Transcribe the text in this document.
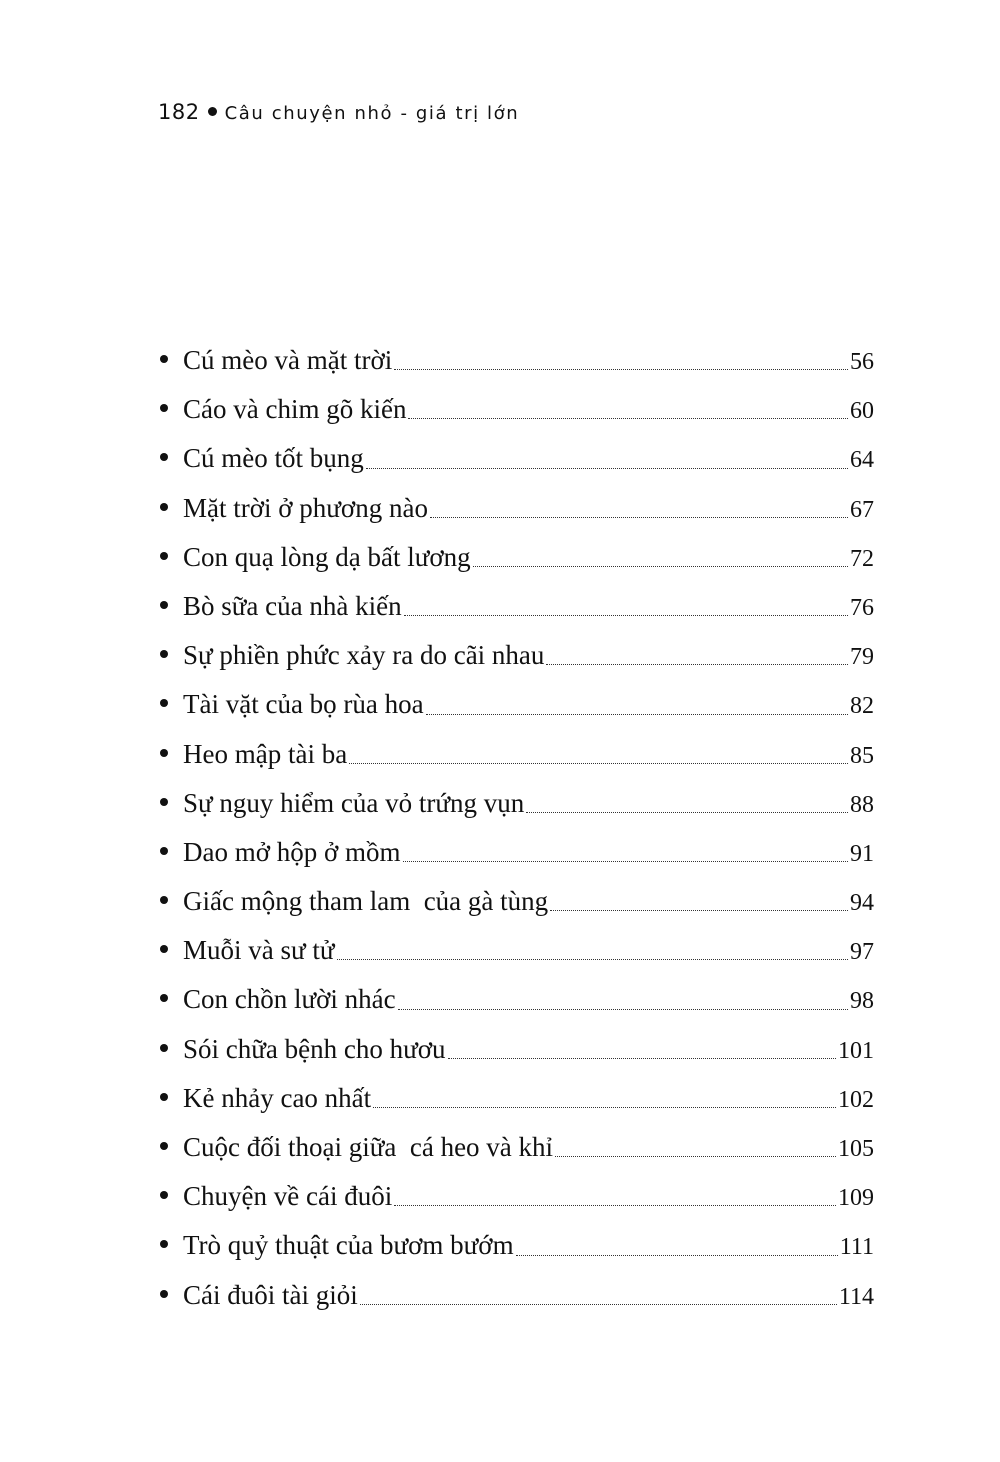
182 Câu chuyện nhỏ - giá trị lớn
Cú mèo và mặt trời	56
Cáo và chim gõ kiến	60
Cú mèo tốt bụng	64
Mặt trời ở phương nào	67
Con quạ lòng dạ bất lương	72
Bò sữa của nhà kiến	76
Sự phiền phức xảy ra do cãi nhau	79
Tài vặt của bọ rùa hoa	82
Heo mập tài ba	85
Sự nguy hiểm của vỏ trứng vụn	88
Dao mở hộp ở mồm	91
Giấc mộng tham lam  của gà tùng	94
Muỗi và sư tử	97
Con chồn lười nhác	98
Sói chữa bệnh cho hươu	101
Kẻ nhảy cao nhất	102
Cuộc đối thoại giữa  cá heo và khỉ	105
Chuyện về cái đuôi	109
Trò quỷ thuật của bươm bướm	111
Cái đuôi tài giỏi	114
